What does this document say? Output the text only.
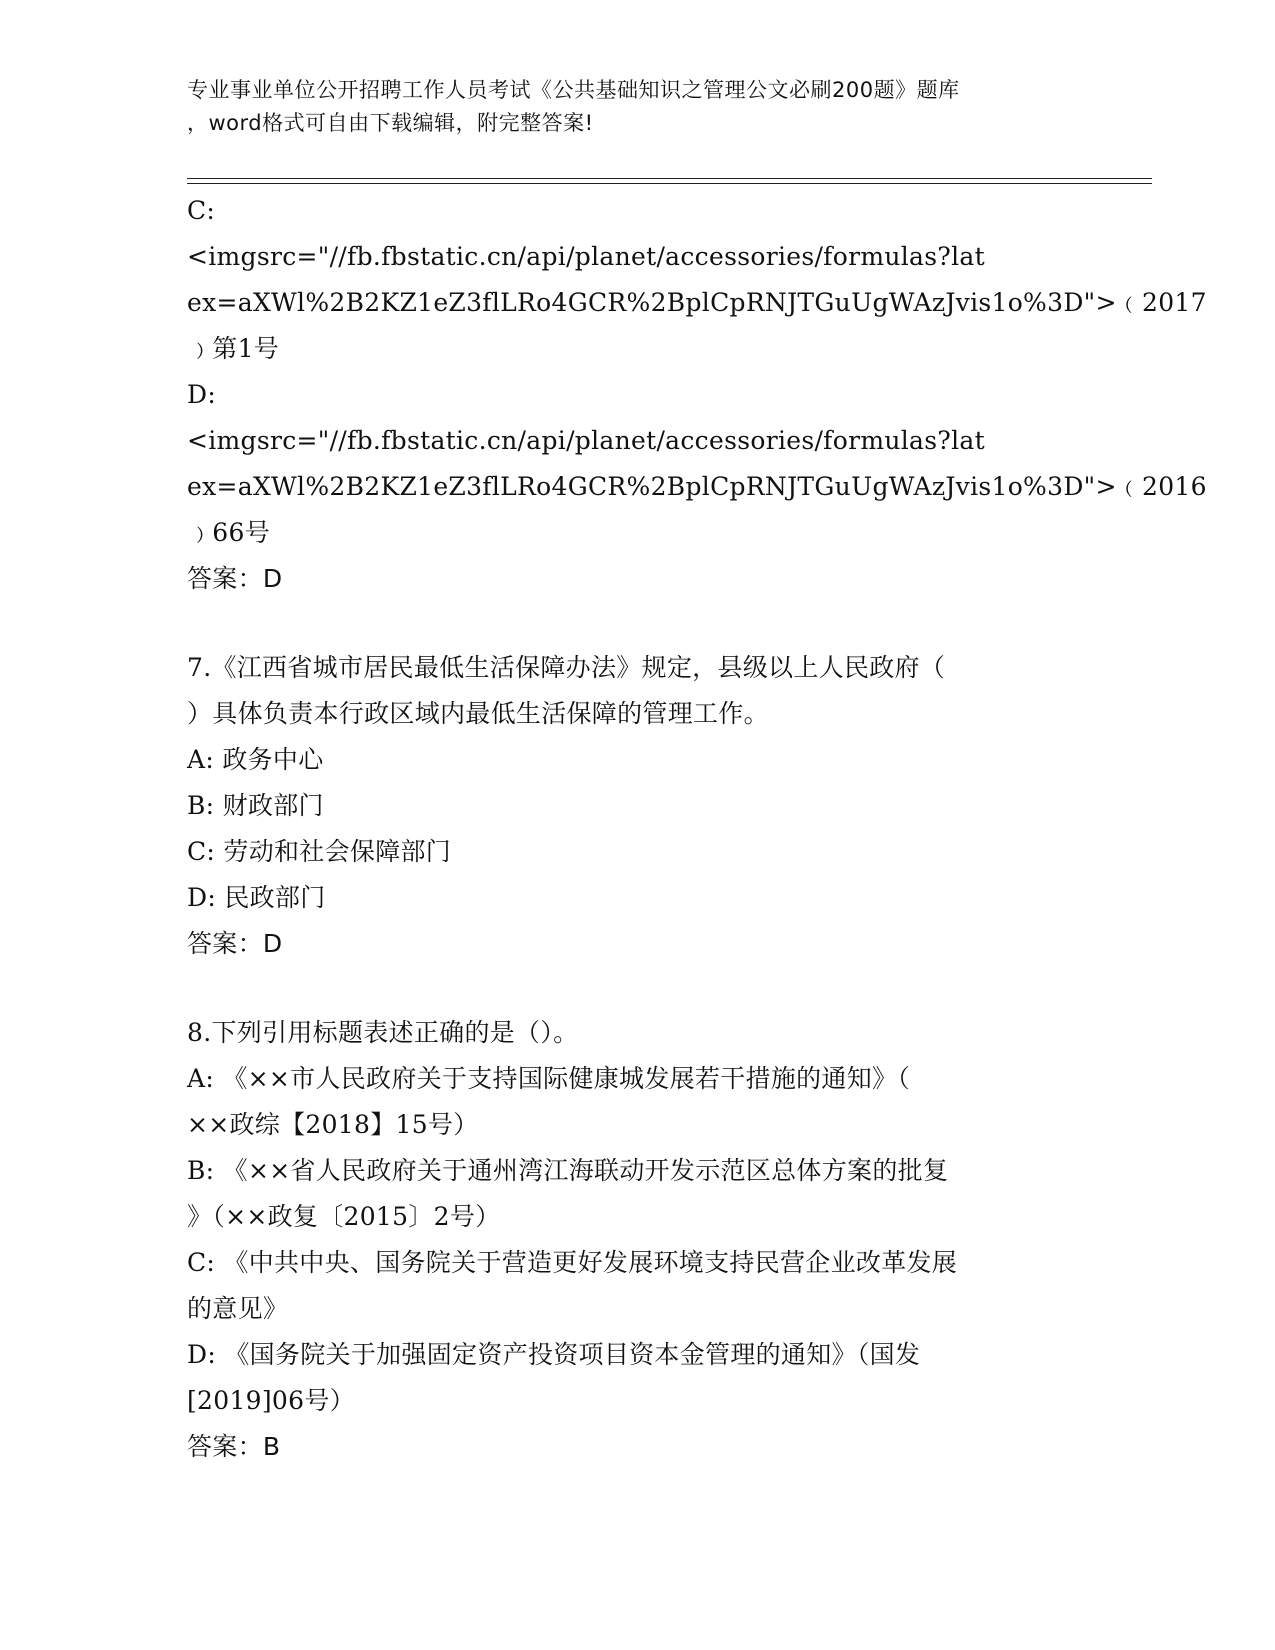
专业事业单位公开招聘工作人员考试《公共基础知识之管理公文必刷200题》题库
，word格式可自由下载编辑，附完整答案!
C:
<imgsrc="//fb.fbstatic.cn/api/planet/accessories/formulas?lat
ex=aXWl%2B2KZ1eZ3flLRo4GCR%2BplCpRNJTGuUgWAzJvis1o%3D">﹙2017
﹚第1号
D:
<imgsrc="//fb.fbstatic.cn/api/planet/accessories/formulas?lat
ex=aXWl%2B2KZ1eZ3flLRo4GCR%2BplCpRNJTGuUgWAzJvis1o%3D">﹙2016
﹚66号
答案：D
7.《江西省城市居民最低生活保障办法》规定，县级以上人民政府（
）具体负责本行政区域内最低生活保障的管理工作。
A: 政务中心
B: 财政部门
C: 劳动和社会保障部门
D: 民政部门
答案：D
8.下列引用标题表述正确的是（）。
A: 《××市人民政府关于支持国际健康城发展若干措施的通知》（
××政综【2018】15号）
B: 《××省人民政府关于通州湾江海联动开发示范区总体方案的批复
》（××政复〔2015〕2号）
C: 《中共中央、国务院关于营造更好发展环境支持民营企业改革发展
的意见》
D: 《国务院关于加强固定资产投资项目资本金管理的通知》（国发
[2019]06号）
答案：B
